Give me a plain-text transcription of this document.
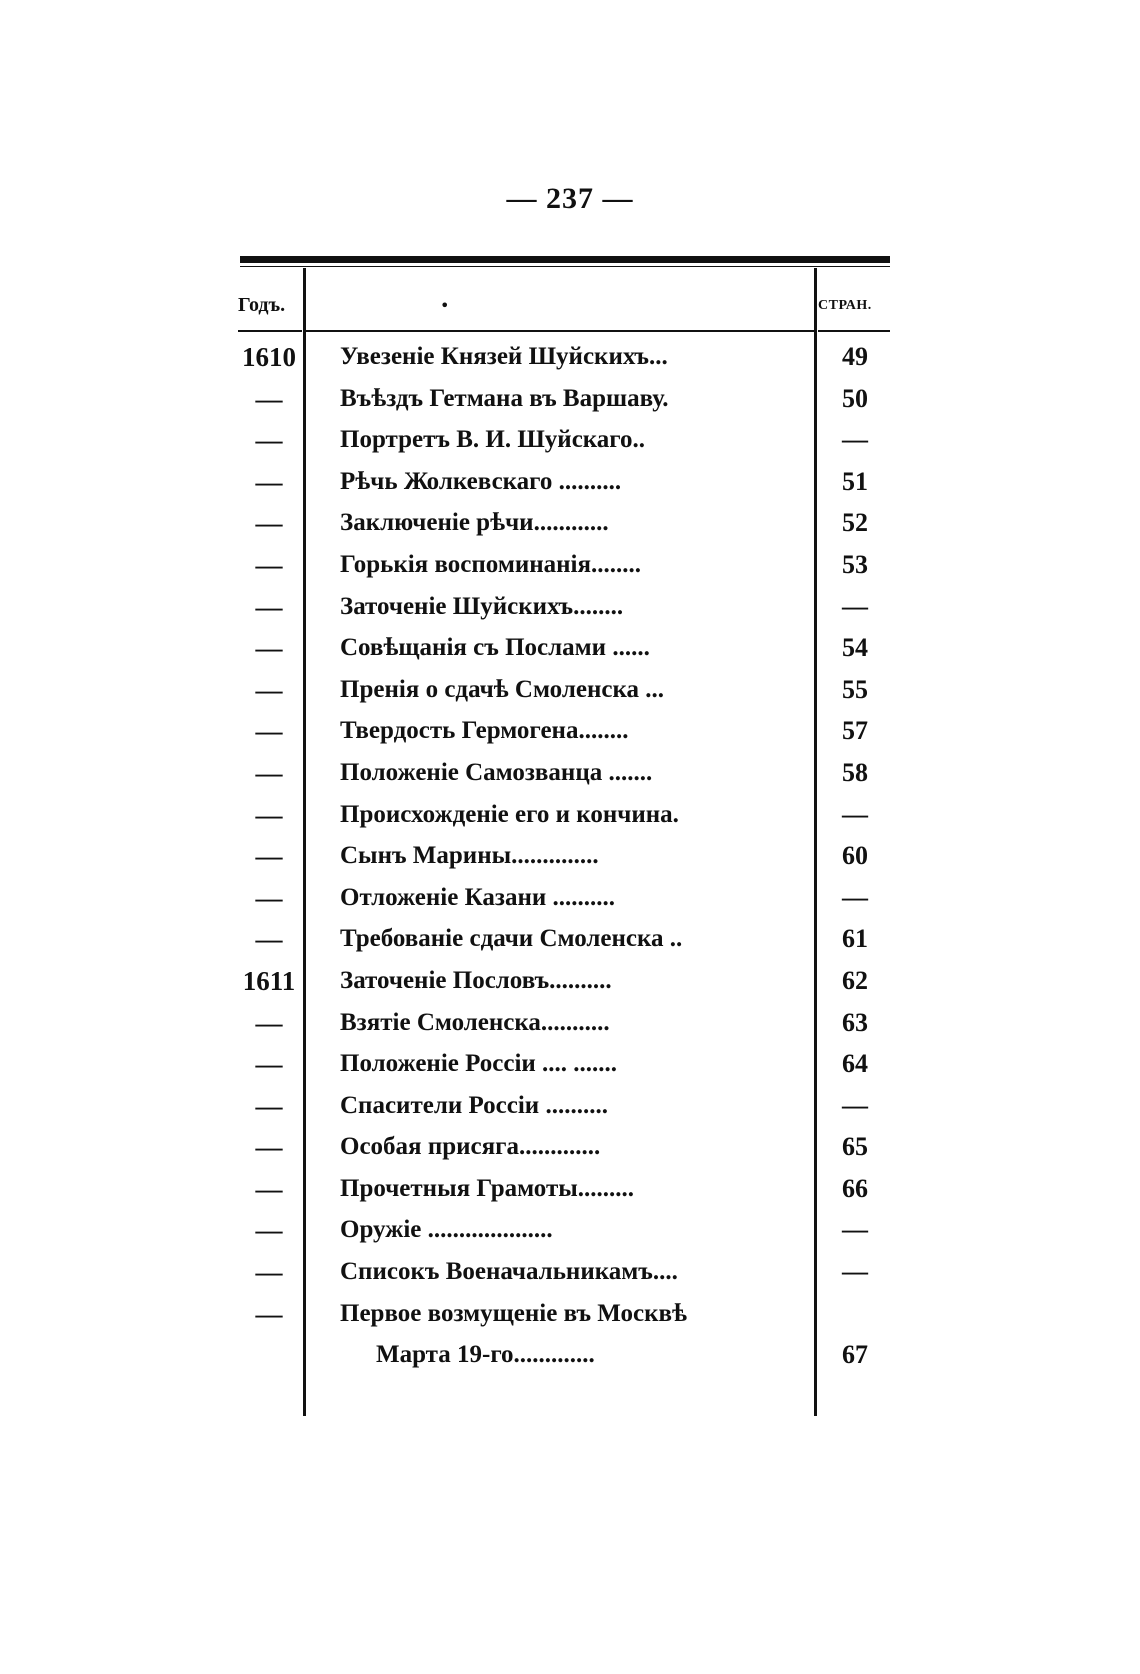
— 237 —
Годъ.	•	СТРАН.
1610 Увезенiе Князей Шуйскихъ...	49
—	Въѣздъ Гетмана въ Варшаву.	50
—	Портретъ В. И. Шуйскаго..	—
—	Рѣчь Жолкевскаго ..........	51
—	Заключенiе рѣчи............	52
—	Горькiя воспоминанiя........	53
—	Заточенiе Шуйскихъ........	—
—	Совѣщанiя съ Послами ......	54
—	Пренiя о сдачѣ Смоленска ...	55
—	Твердость Гермогена........	57
—	Положенiе Самозванца .......	58
—	Происхожденiе его и кончина.	—
—	Сынъ Марины..............	60
—	Отложенiе Казани ..........	—
—	Требованiе сдачи Смоленска ..	61
1611 Заточенiе Пословъ..........	62
—	Взятiе Смоленска...........	63
—	Положенiе Россiи .... .......	64
—	Спасители Россiи ..........	—
—	Особая присяга.............	65
—	Прочетныя Грамоты.........	66
—	Оружiе ....................	—
—	Списокъ Военачальникамъ....	—
—	Первое возмущенiе въ Москвѣ
Марта 19-го.............	67
